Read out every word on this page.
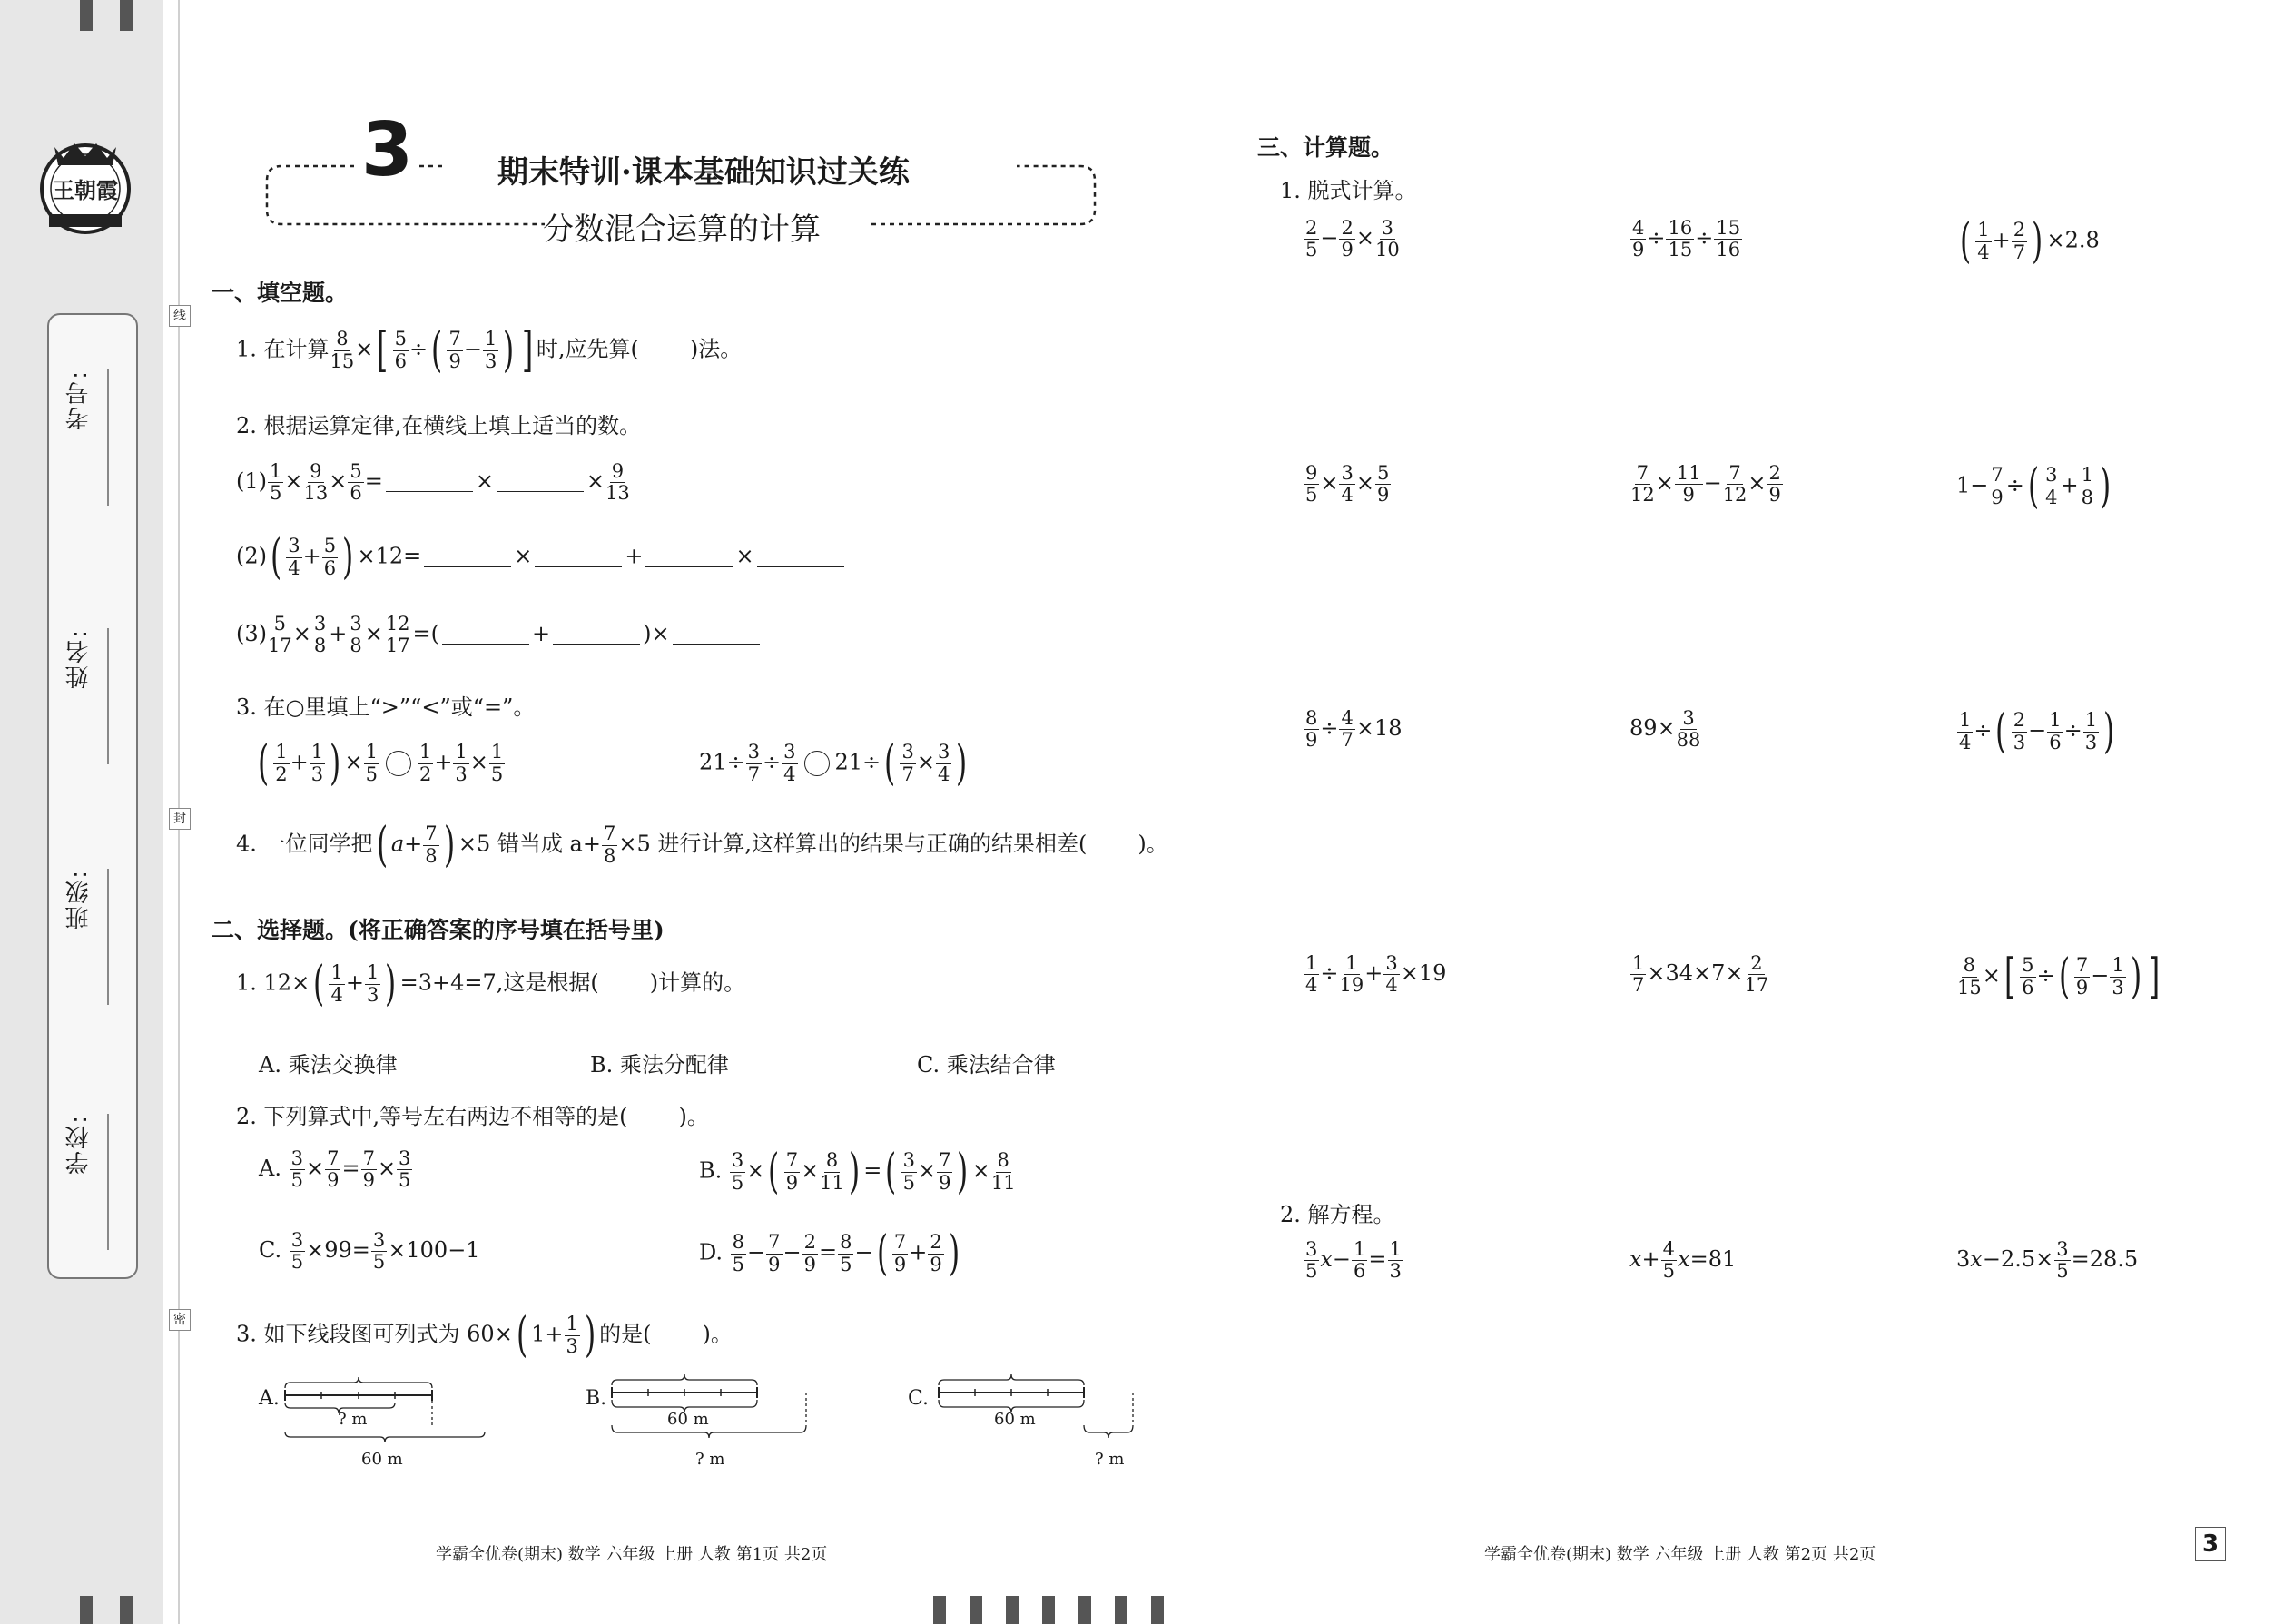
王朝霞
学校:
班级:
姓名:
考号:
线
封
密
3	期末特训·课本基础知识过关练
分数混合运算的计算
一、填空题。
1. 在计算 $\frac{8}{15}$ ×[ $\frac{5}{6}$ ÷( $\frac{7}{9} - \frac{1}{3}$ ) ] 时,应先算( )法。
2. 根据运算定律,在横线上填上适当的数。
$(1) \frac{1}{5} \times \frac{9}{13} \times \frac{5}{6}$ =	×	× $\frac{9}{13}$
$(2)( \frac{3}{4} + \frac{5}{6}$ ) ×12=	×	+	×
$(3) \frac{5}{17} \times \frac{3}{8} + \frac{3}{8} \times \frac{12}{17}$ =(	+	)×
3. 在○里填上“>”“<”或“=”。
( $\frac{1}{2} + \frac{1}{3}$ ) × $\frac{1}{5} \frac{1}{2} + \frac{1}{3} \times \frac{1}{5}$	$21\div \frac{3}{7} \div \frac{3}{4} 21\div( \frac{3}{7} \times \frac{3}{4}$ )
4. 一位同学把( $a+ \frac{7}{8}$ ) ×5 错当成 $a+ \frac{7}{8} \times 5$ 进行计算,这样算出的结果与正确的结果相差( )。
二、选择题。(将正确答案的序号填在括号里)
1. $12\times( \frac{1}{4} + \frac{1}{3}$ ) =3+4=7,这是根据( )计算的。
A. 乘法交换律	B. 乘法分配律	C. 乘法结合律
2. 下列算式中,等号左右两边不相等的是( )。
A. $\frac{3}{5} \times \frac{7}{9} = \frac{7}{9} \times \frac{3}{5}$	B. $\frac{3}{5}$ ×( $\frac{7}{9} \times \frac{8}{11}$ ) =( $\frac{3}{5} \times \frac{7}{9}$ ) × $\frac{8}{11}$
C. $\frac{3}{5} \times 99= \frac{3}{5} \times 100-1$	D. $\frac{8}{5} - \frac{7}{9} - \frac{2}{9} = \frac{8}{5}$ −( $\frac{7}{9} + \frac{2}{9}$ )
3. 如下线段图可列式为 60×( $1+ \frac{1}{3}$ ) 的是( )。
A.
? m
60 m
B.
60 m
? m
C.
60 m
? m
三、计算题。
1. 脱式计算。
$\frac{2}{5} - \frac{2}{9} \times \frac{3}{10}$	$\frac{4}{9} \div \frac{16}{15} \div \frac{15}{16}$	( $\frac{1}{4} + \frac{2}{7}$ ) ×2.8
$\frac{9}{5} \times \frac{3}{4} \times \frac{5}{9}$	$\frac{7}{12} \times \frac{11}{9} - \frac{7}{12} \times \frac{2}{9}$	$1- \frac{7}{9}$ ÷( $\frac{3}{4} + \frac{1}{8}$ )
$\frac{8}{9} \div \frac{4}{7} \times 18$	$89\times \frac{3}{88}$	$\frac{1}{4}$ ÷( $\frac{2}{3} - \frac{1}{6} \div \frac{1}{3}$ )
$\frac{1}{4} \div \frac{1}{19} + \frac{3}{4} \times 19$	$\frac{1}{7} \times 34\times 7\times \frac{2}{17}$	$\frac{8}{15}$ ×[ $\frac{5}{6}$ ÷( $\frac{7}{9} - \frac{1}{3}$ ) ]
2. 解方程。
$\frac{3}{5} x- \frac{1}{6} = \frac{1}{3}$	$x+ \frac{4}{5} x=81$	$3x-2.5\times \frac{3}{5} =28.5$
学霸全优卷(期末) 数学 六年级 上册 人教 第1页 共2页	学霸全优卷(期末) 数学 六年级 上册 人教 第2页 共2页	3
